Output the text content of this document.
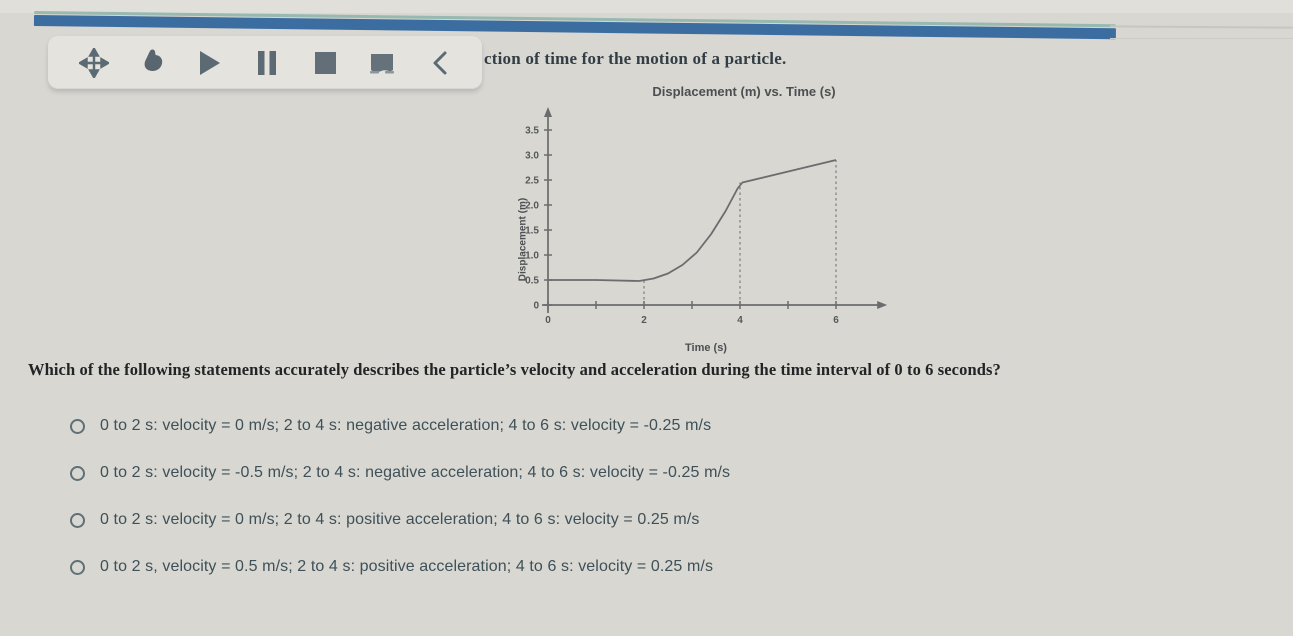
ction of time for the motion of a particle.
Displacement (m) vs. Time (s)
0
0.5
1.0
1.5
2.0
2.5
3.0
3.5
0	2	4	6
Displacement (m)
Time (s)
Which of the following statements accurately describes the particle’s velocity and acceleration during the time interval of 0 to 6 seconds?
0 to 2 s: velocity = 0 m/s; 2 to 4 s: negative acceleration; 4 to 6 s: velocity = -0.25 m/s
0 to 2 s: velocity = -0.5 m/s; 2 to 4 s: negative acceleration; 4 to 6 s: velocity = -0.25 m/s
0 to 2 s: velocity = 0 m/s; 2 to 4 s: positive acceleration; 4 to 6 s: velocity = 0.25 m/s
0 to 2 s, velocity = 0.5 m/s; 2 to 4 s: positive acceleration; 4 to 6 s: velocity = 0.25 m/s
